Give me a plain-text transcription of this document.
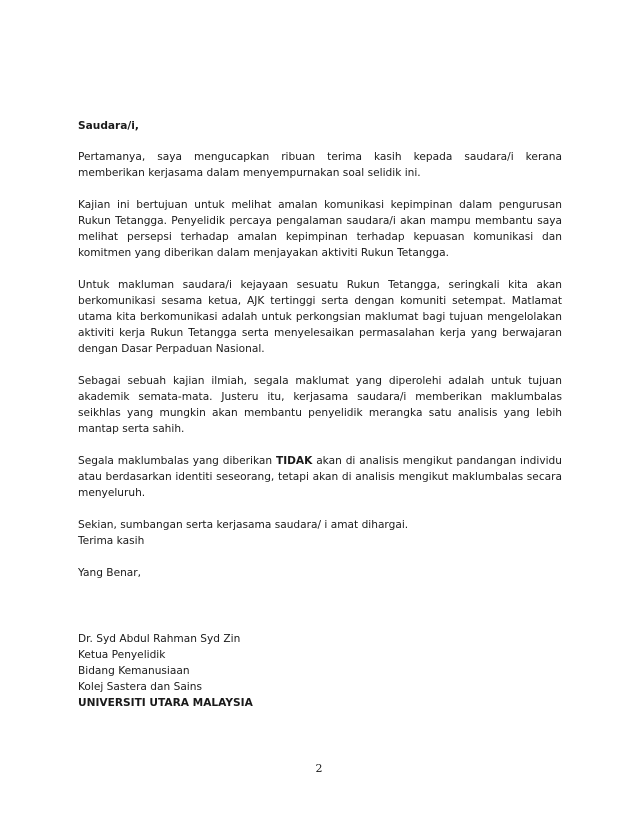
Saudara/i,

Pertamanya, saya mengucapkan ribuan terima kasih kepada saudara/i kerana memberikan kerjasama dalam menyempurnakan soal selidik ini.

Kajian ini bertujuan untuk melihat amalan komunikasi kepimpinan dalam pengurusan Rukun Tetangga. Penyelidik percaya pengalaman saudara/i akan mampu membantu saya melihat persepsi terhadap amalan kepimpinan terhadap kepuasan komunikasi dan komitmen yang diberikan dalam menjayakan aktiviti Rukun Tetangga.

Untuk makluman saudara/i kejayaan sesuatu Rukun Tetangga, seringkali kita akan berkomunikasi sesama ketua, AJK tertinggi serta dengan komuniti setempat. Matlamat utama kita berkomunikasi adalah untuk perkongsian maklumat bagi tujuan mengelolakan aktiviti kerja Rukun Tetangga serta menyelesaikan permasalahan kerja yang berwajaran dengan Dasar Perpaduan Nasional.

Sebagai sebuah kajian ilmiah, segala maklumat yang diperolehi adalah untuk tujuan akademik semata-mata. Justeru itu, kerjasama saudara/i memberikan maklumbalas seikhlas yang mungkin akan membantu penyelidik merangka satu analisis yang lebih mantap serta sahih.

Segala maklumbalas yang diberikan TIDAK akan di analisis mengikut pandangan individu atau berdasarkan identiti seseorang, tetapi akan di analisis mengikut maklumbalas secara menyeluruh.

Sekian, sumbangan serta kerjasama saudara/ i amat dihargai.

Terima kasih

Yang Benar,

Dr. Syd Abdul Rahman Syd Zin

Ketua Penyelidik

Bidang Kemanusiaan

Kolej Sastera dan Sains

UNIVERSITI UTARA MALAYSIA

2
